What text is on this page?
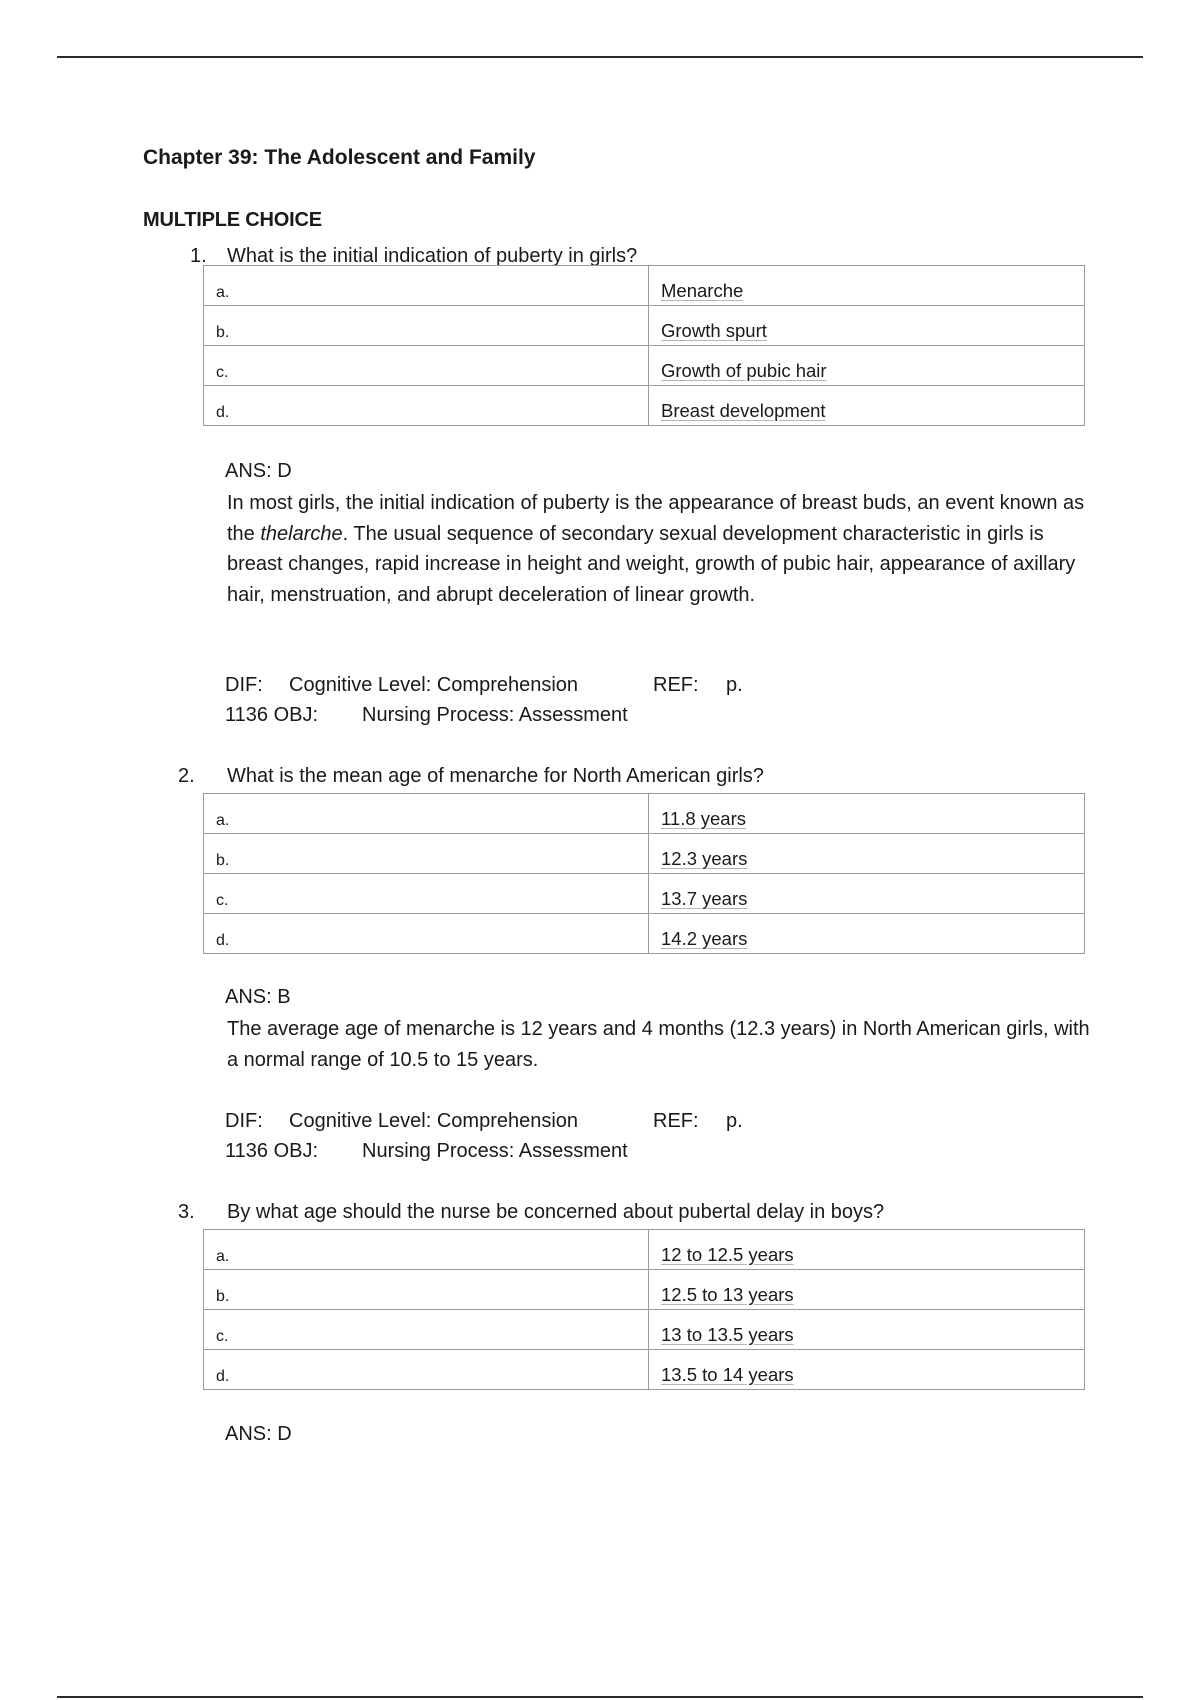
Chapter 39: The Adolescent and Family
MULTIPLE CHOICE
1. What is the initial indication of puberty in girls?
a.	Menarche

b.	Growth spurt

c.	Growth of pubic hair

d.	Breast development
ANS: D
In most girls, the initial indication of puberty is the appearance of breast buds, an event known as the thelarche. The usual sequence of secondary sexual development characteristic in girls is breast changes, rapid increase in height and weight, growth of pubic hair, appearance of axillary hair, menstruation, and abrupt deceleration of linear growth.
DIF: Cognitive Level: Comprehension	REF: p.
1136 OBJ: Nursing Process: Assessment
2. What is the mean age of menarche for North American girls?
a.	11.8 years

b.	12.3 years

c.	13.7 years

d.	14.2 years
ANS: B
The average age of menarche is 12 years and 4 months (12.3 years) in North American girls, with a normal range of 10.5 to 15 years.
DIF: Cognitive Level: Comprehension	REF: p.
1136 OBJ: Nursing Process: Assessment
3. By what age should the nurse be concerned about pubertal delay in boys?
a.	12 to 12.5 years

b.	12.5 to 13 years

c.	13 to 13.5 years

d.	13.5 to 14 years
ANS: D
